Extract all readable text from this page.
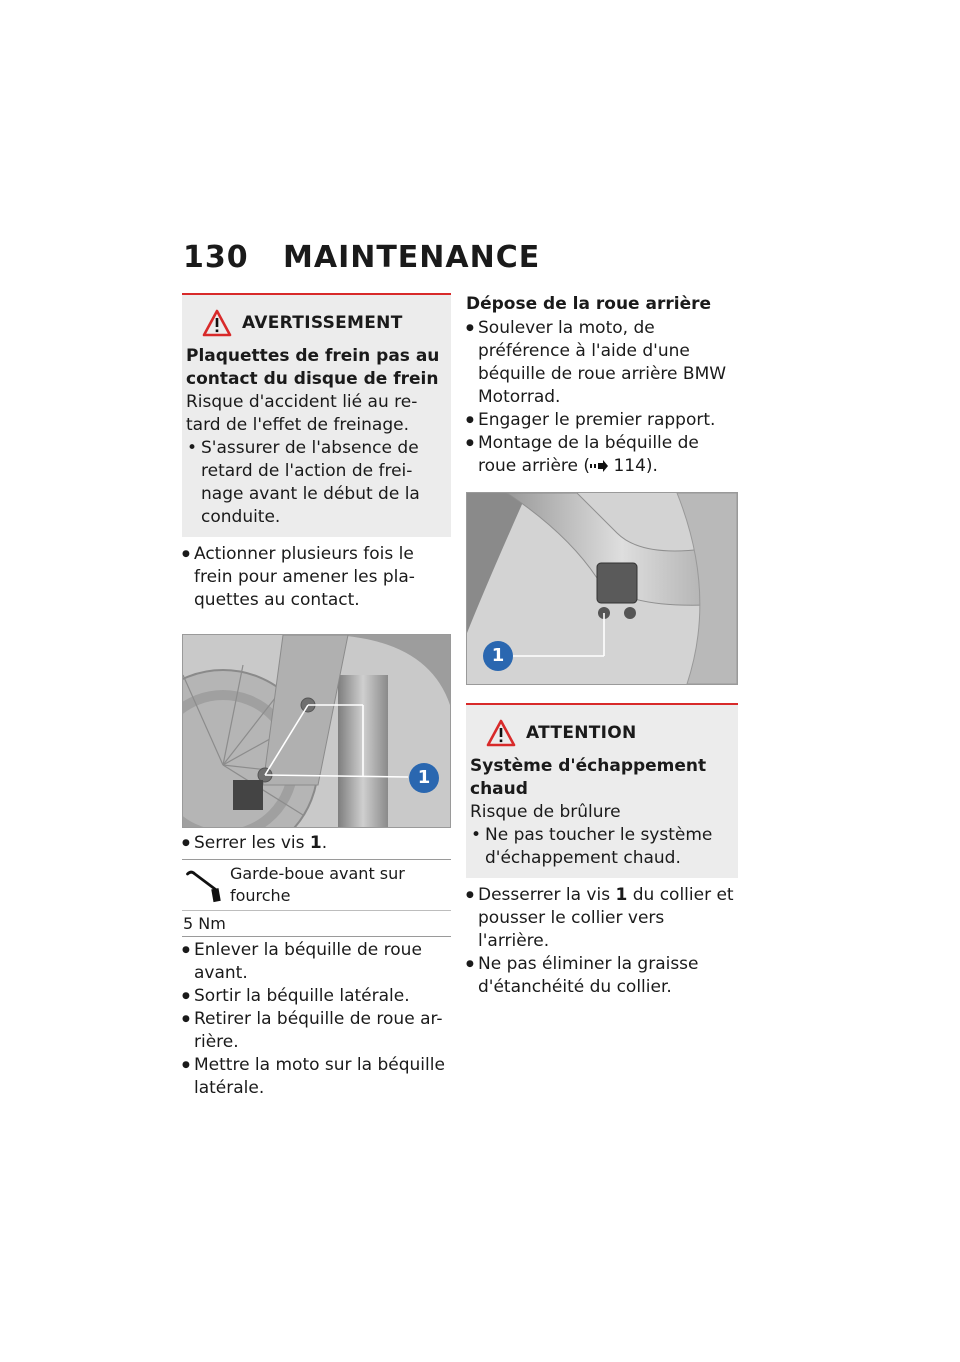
130 MAINTENANCE
AVERTISSEMENT
Plaquettes de frein pas au contact du disque de frein
Risque d'accident lié au re-tard de l'effet de freinage.
• S'assurer de l'absence de retard de l'action de frei-nage avant le début de la conduite.
● Actionner plusieurs fois le frein pour amener les pla-quettes au contact.
1
● Serrer les vis 1.
Garde-boue avant sur fourche
5 Nm
● Enlever la béquille de roue avant.
● Sortir la béquille latérale.
● Retirer la béquille de roue ar-rière.
● Mettre la moto sur la béquille latérale.
Dépose de la roue arrière
● Soulever la moto, de préférence à l'aide d'une béquille de roue arrière BMW Motorrad.
● Engager le premier rapport.
● Montage de la béquille de roue arrière ( 114).
1
ATTENTION
Système d'échappement chaud
Risque de brûlure
• Ne pas toucher le système d'échappement chaud.
● Desserrer la vis 1 du collier et pousser le collier vers l'arrière.
● Ne pas éliminer la graisse d'étanchéité du collier.
